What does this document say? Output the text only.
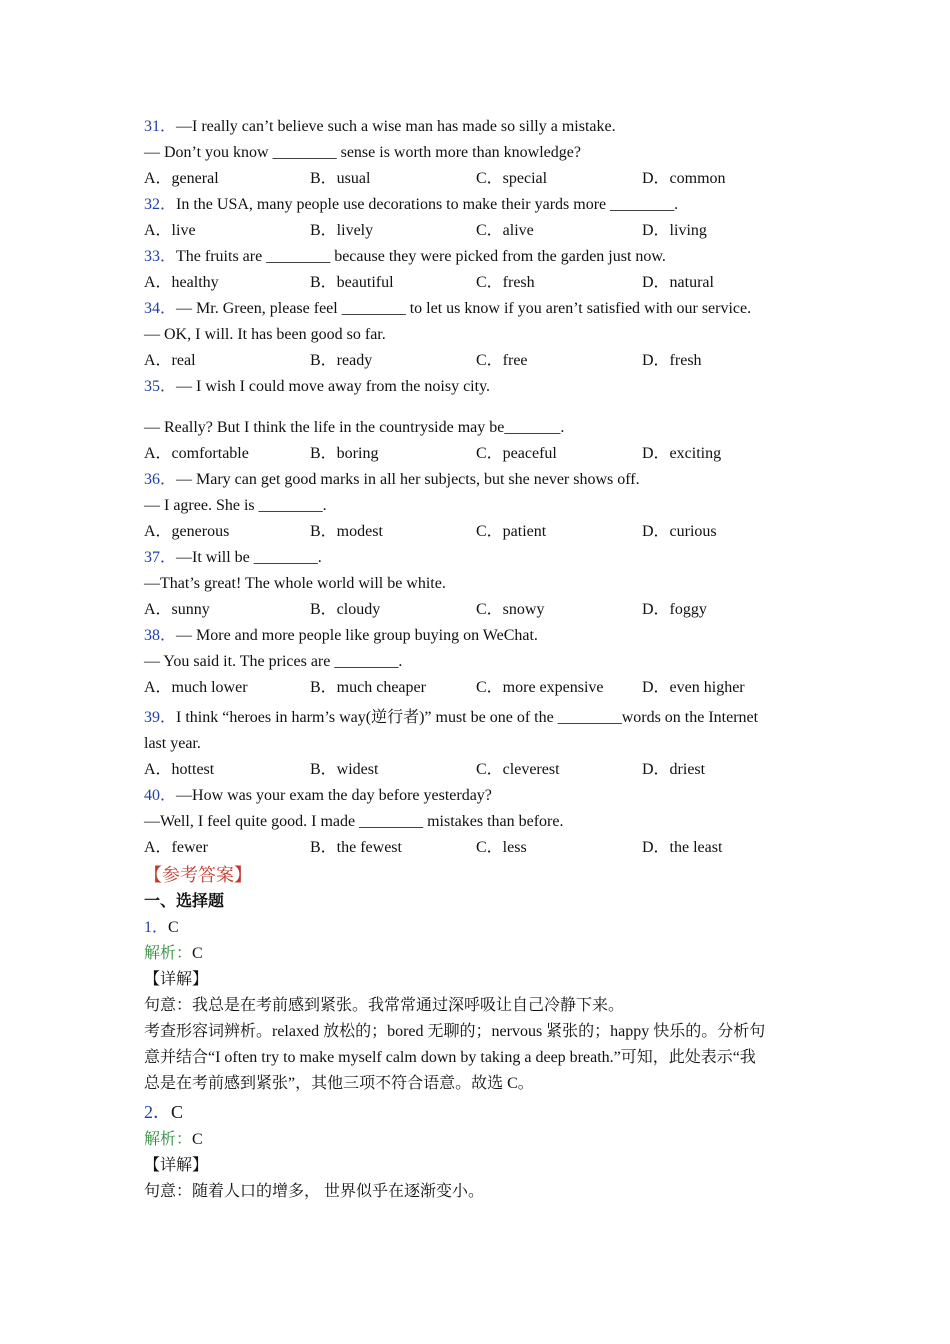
31．—I really can’t believe such a wise man has made so silly a mistake.
— Don’t you know ________ sense is worth more than knowledge?
A．general	B．usual	C．special	D．common
32．In the USA, many people use decorations to make their yards more ________.
A．live	B．lively	C．alive	D．living
33．The fruits are ________ because they were picked from the garden just now.
A．healthy	B．beautiful	C．fresh	D．natural
34．— Mr. Green, please feel ________ to let us know if you aren’t satisfied with our service.
— OK, I will. It has been good so far.
A．real	B．ready	C．free	D．fresh
35．— I wish I could move away from the noisy city.
— Really? But I think the life in the countryside may be_______.
A．comfortable	B．boring	C．peaceful	D．exciting
36．— Mary can get good marks in all her subjects, but she never shows off.
— I agree. She is ________.
A．generous	B．modest	C．patient	D．curious
37．—It will be ________.
—That’s great! The whole world will be white.
A．sunny	B．cloudy	C．snowy	D．foggy
38．— More and more people like group buying on WeChat.
— You said it. The prices are ________.
A．much lower	B．much cheaper	C．more expensive	D．even higher
39．I think “heroes in harm’s way(逆行者)” must be one of the ________words on the Internet
last year.
A．hottest	B．widest	C．cleverest	D．driest
40．—How was your exam the day before yesterday?
—Well, I feel quite good. I made ________ mistakes than before.
A．fewer	B．the fewest	C．less	D．the least
【参考答案】
一、选择题
1．C
解析：C
【详解】
句意：我总是在考前感到紧张。我常常通过深呼吸让自己冷静下来。
考查形容词辨析。relaxed 放松的；bored 无聊的；nervous 紧张的；happy 快乐的。分析句
意并结合“I often try to make myself calm down by taking a deep breath.”可知，此处表示“我
总是在考前感到紧张”，其他三项不符合语意。故选 C。
2．C
解析：C
【详解】
句意：随着人口的增多， 世界似乎在逐渐变小。
